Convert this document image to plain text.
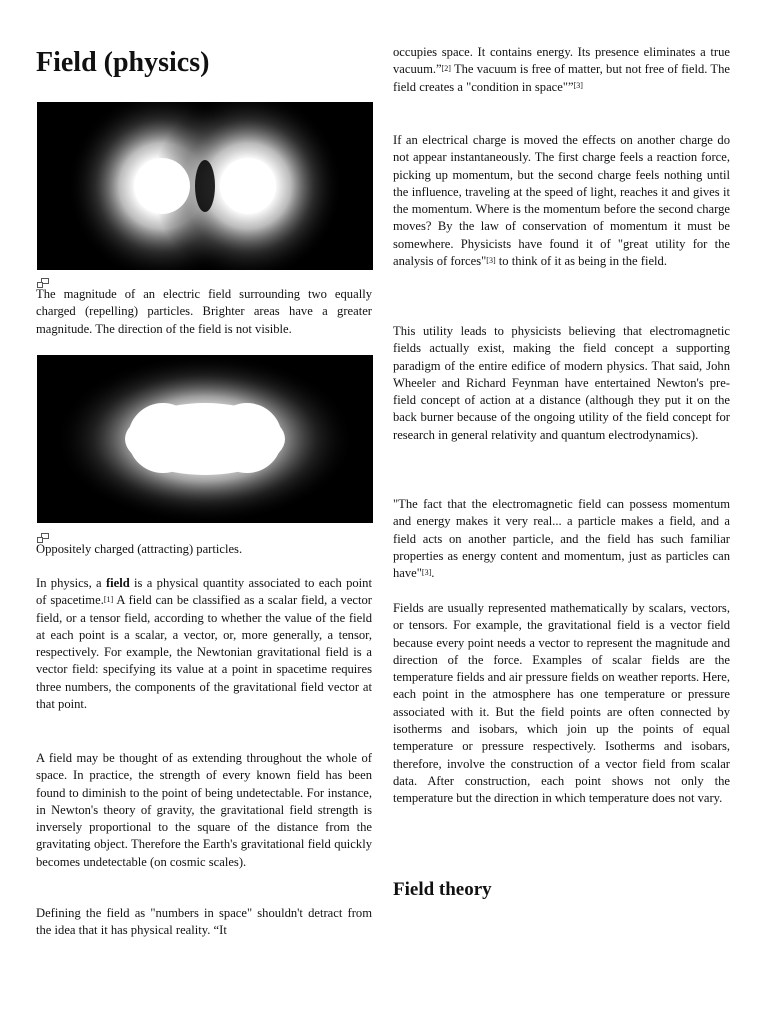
Field (physics)
The magnitude of an electric field surrounding two equally charged (repelling) particles. Brighter areas have a greater magnitude. The direction of the field is not visible.
Oppositely charged (attracting) particles.

In physics, a field is a physical quantity associated to each point of spacetime.[1] A field can be classified as a scalar field, a vector field, or a tensor field, according to whether the value of the field at each point is a scalar, a vector, or, more generally, a tensor, respectively. For example, the Newtonian gravitational field is a vector field: specifying its value at a point in spacetime requires three numbers, the components of the gravitational field vector at that point.

A field may be thought of as extending throughout the whole of space. In practice, the strength of every known field has been found to diminish to the point of being undetectable. For instance, in Newton's theory of gravity, the gravitational field strength is inversely proportional to the square of the distance from the gravitating object. Therefore the Earth's gravitational field quickly becomes undetectable (on cosmic scales).

Defining the field as "numbers in space" shouldn't detract from the idea that it has physical reality. “It

occupies space. It contains energy. Its presence eliminates a true vacuum.”[2] The vacuum is free of matter, but not free of field. The field creates a "condition in space"”[3]

If an electrical charge is moved the effects on another charge do not appear instantaneously. The first charge feels a reaction force, picking up momentum, but the second charge feels nothing until the influence, traveling at the speed of light, reaches it and gives it the momentum. Where is the momentum before the second charge moves? By the law of conservation of momentum it must be somewhere. Physicists have found it of "great utility for the analysis of forces"[3] to think of it as being in the field.

This utility leads to physicists believing that electromagnetic fields actually exist, making the field concept a supporting paradigm of the entire edifice of modern physics. That said, John Wheeler and Richard Feynman have entertained Newton's pre-field concept of action at a distance (although they put it on the back burner because of the ongoing utility of the field concept for research in general relativity and quantum electrodynamics).

"The fact that the electromagnetic field can possess momentum and energy makes it very real... a particle makes a field, and a field acts on another particle, and the field has such familiar properties as energy content and momentum, just as particles can have"[3].

Fields are usually represented mathematically by scalars, vectors, or tensors. For example, the gravitational field is a vector field because every point needs a vector to represent the magnitude and direction of the force. Examples of scalar fields are the temperature fields and air pressure fields on weather reports. Here, each point in the atmosphere has one temperature or pressure associated with it. But the field points are often connected by isotherms and isobars, which join up the points of equal temperature or pressure respectively. Isotherms and isobars, therefore, involve the construction of a vector field from scalar data. After construction, each point shows not only the temperature but the direction in which temperature does not vary.

Field theory
